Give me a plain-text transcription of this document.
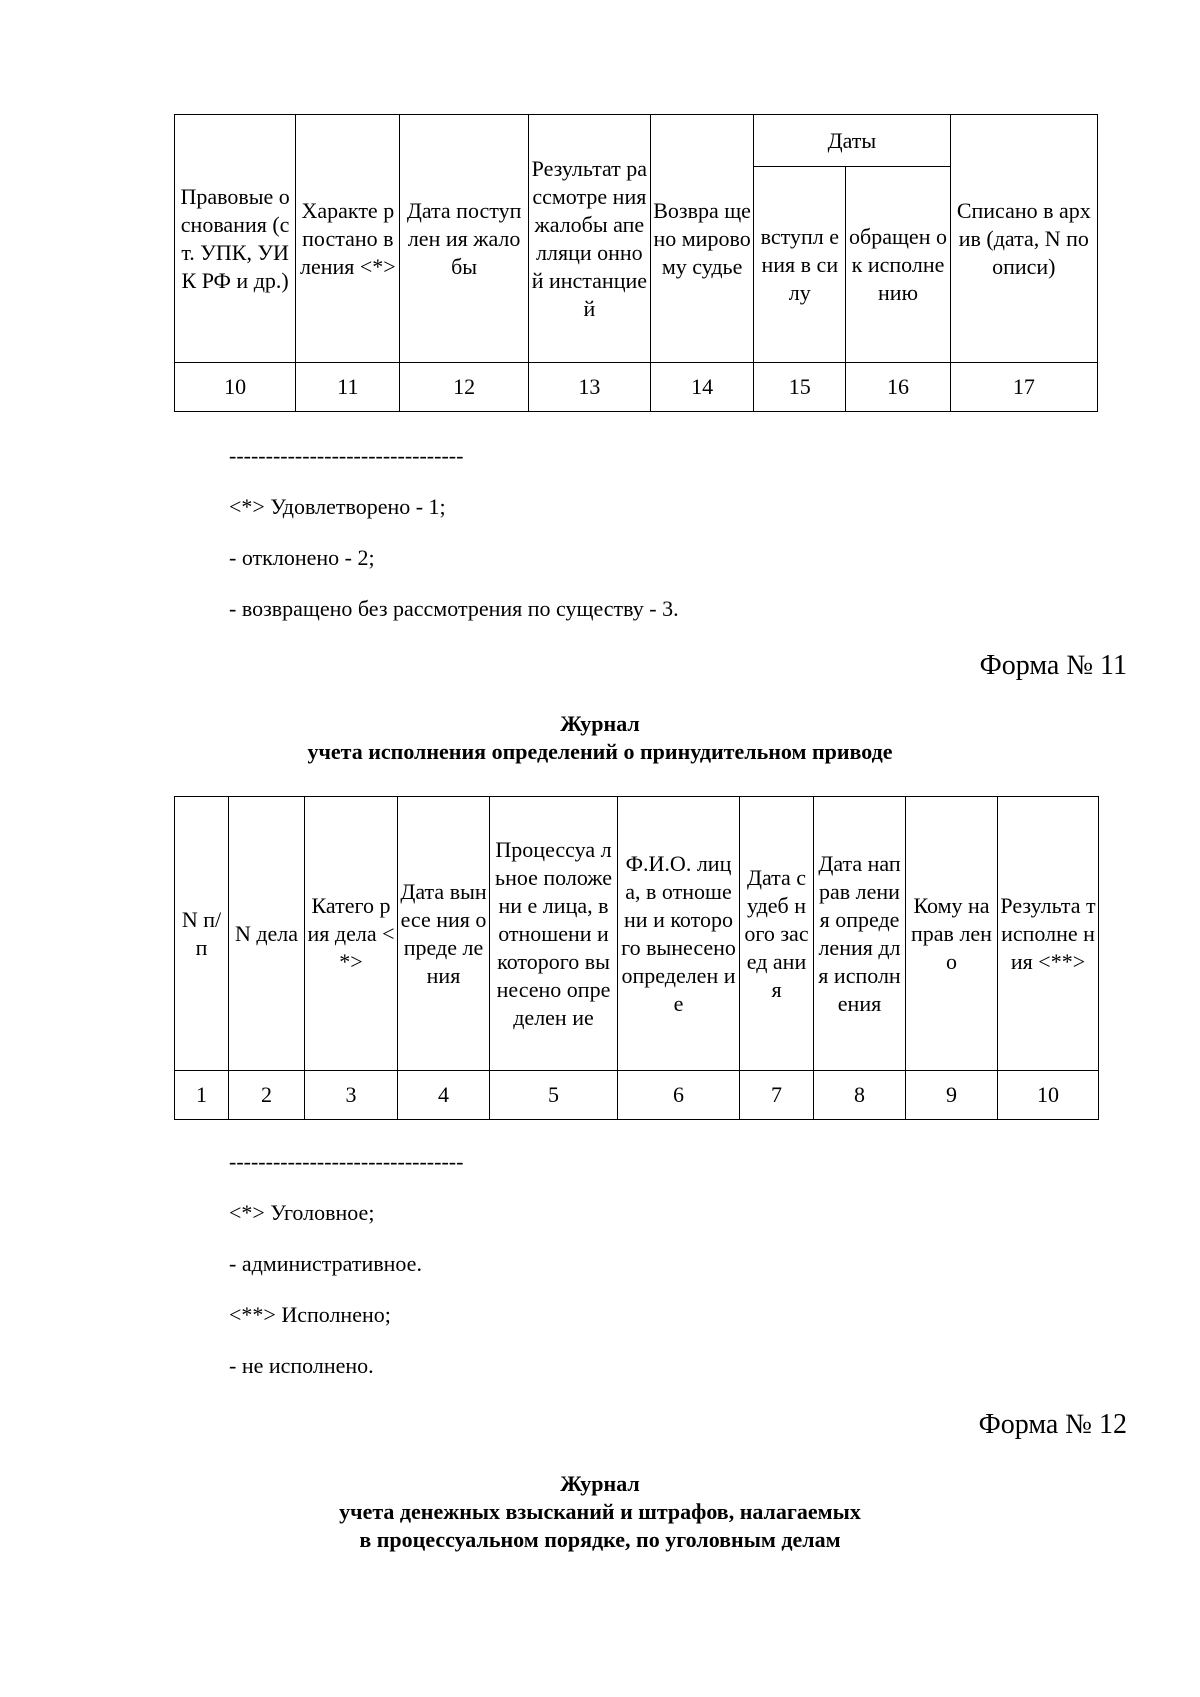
Правовые основания (ст. УПК, УИК РФ и др.)	Характе р постано вления <*>	Дата поступлен ия жалобы	Результат рассмотре ния жалобы апелляци онной инстанцие й	Возвра щено мирово му судье	Даты		Списано в архив (дата, N по описи)
					вступл ения в силу	обращен о к исполне нию	
10	11	12	13	14	15	16	17
--------------------------------
<*> Удовлетворено - 1;
- отклонено - 2;
- возвращено без рассмотрения по существу - 3.
Форма № 11
Журнал
учета исполнения определений о принудительном приводе
N п/п	N дела	Катего рия дела <*>	Дата вынесе ния опреде ления	Процессуа льное положени е лица, в отношени и которого вынесено определен ие	Ф.И.О. лица, в отношени и которого вынесено определен ие	Дата судеб ного засед ания	Дата направ ления опреде ления для исполн ения	Кому направ лено	Результа т исполне ния <**>
1	2	3	4	5	6	7	8	9	10
--------------------------------
<*> Уголовное;
- административное.
<**> Исполнено;
- не исполнено.
Форма № 12
Журнал
учета денежных взысканий и штрафов, налагаемых
в процессуальном порядке, по уголовным делам
